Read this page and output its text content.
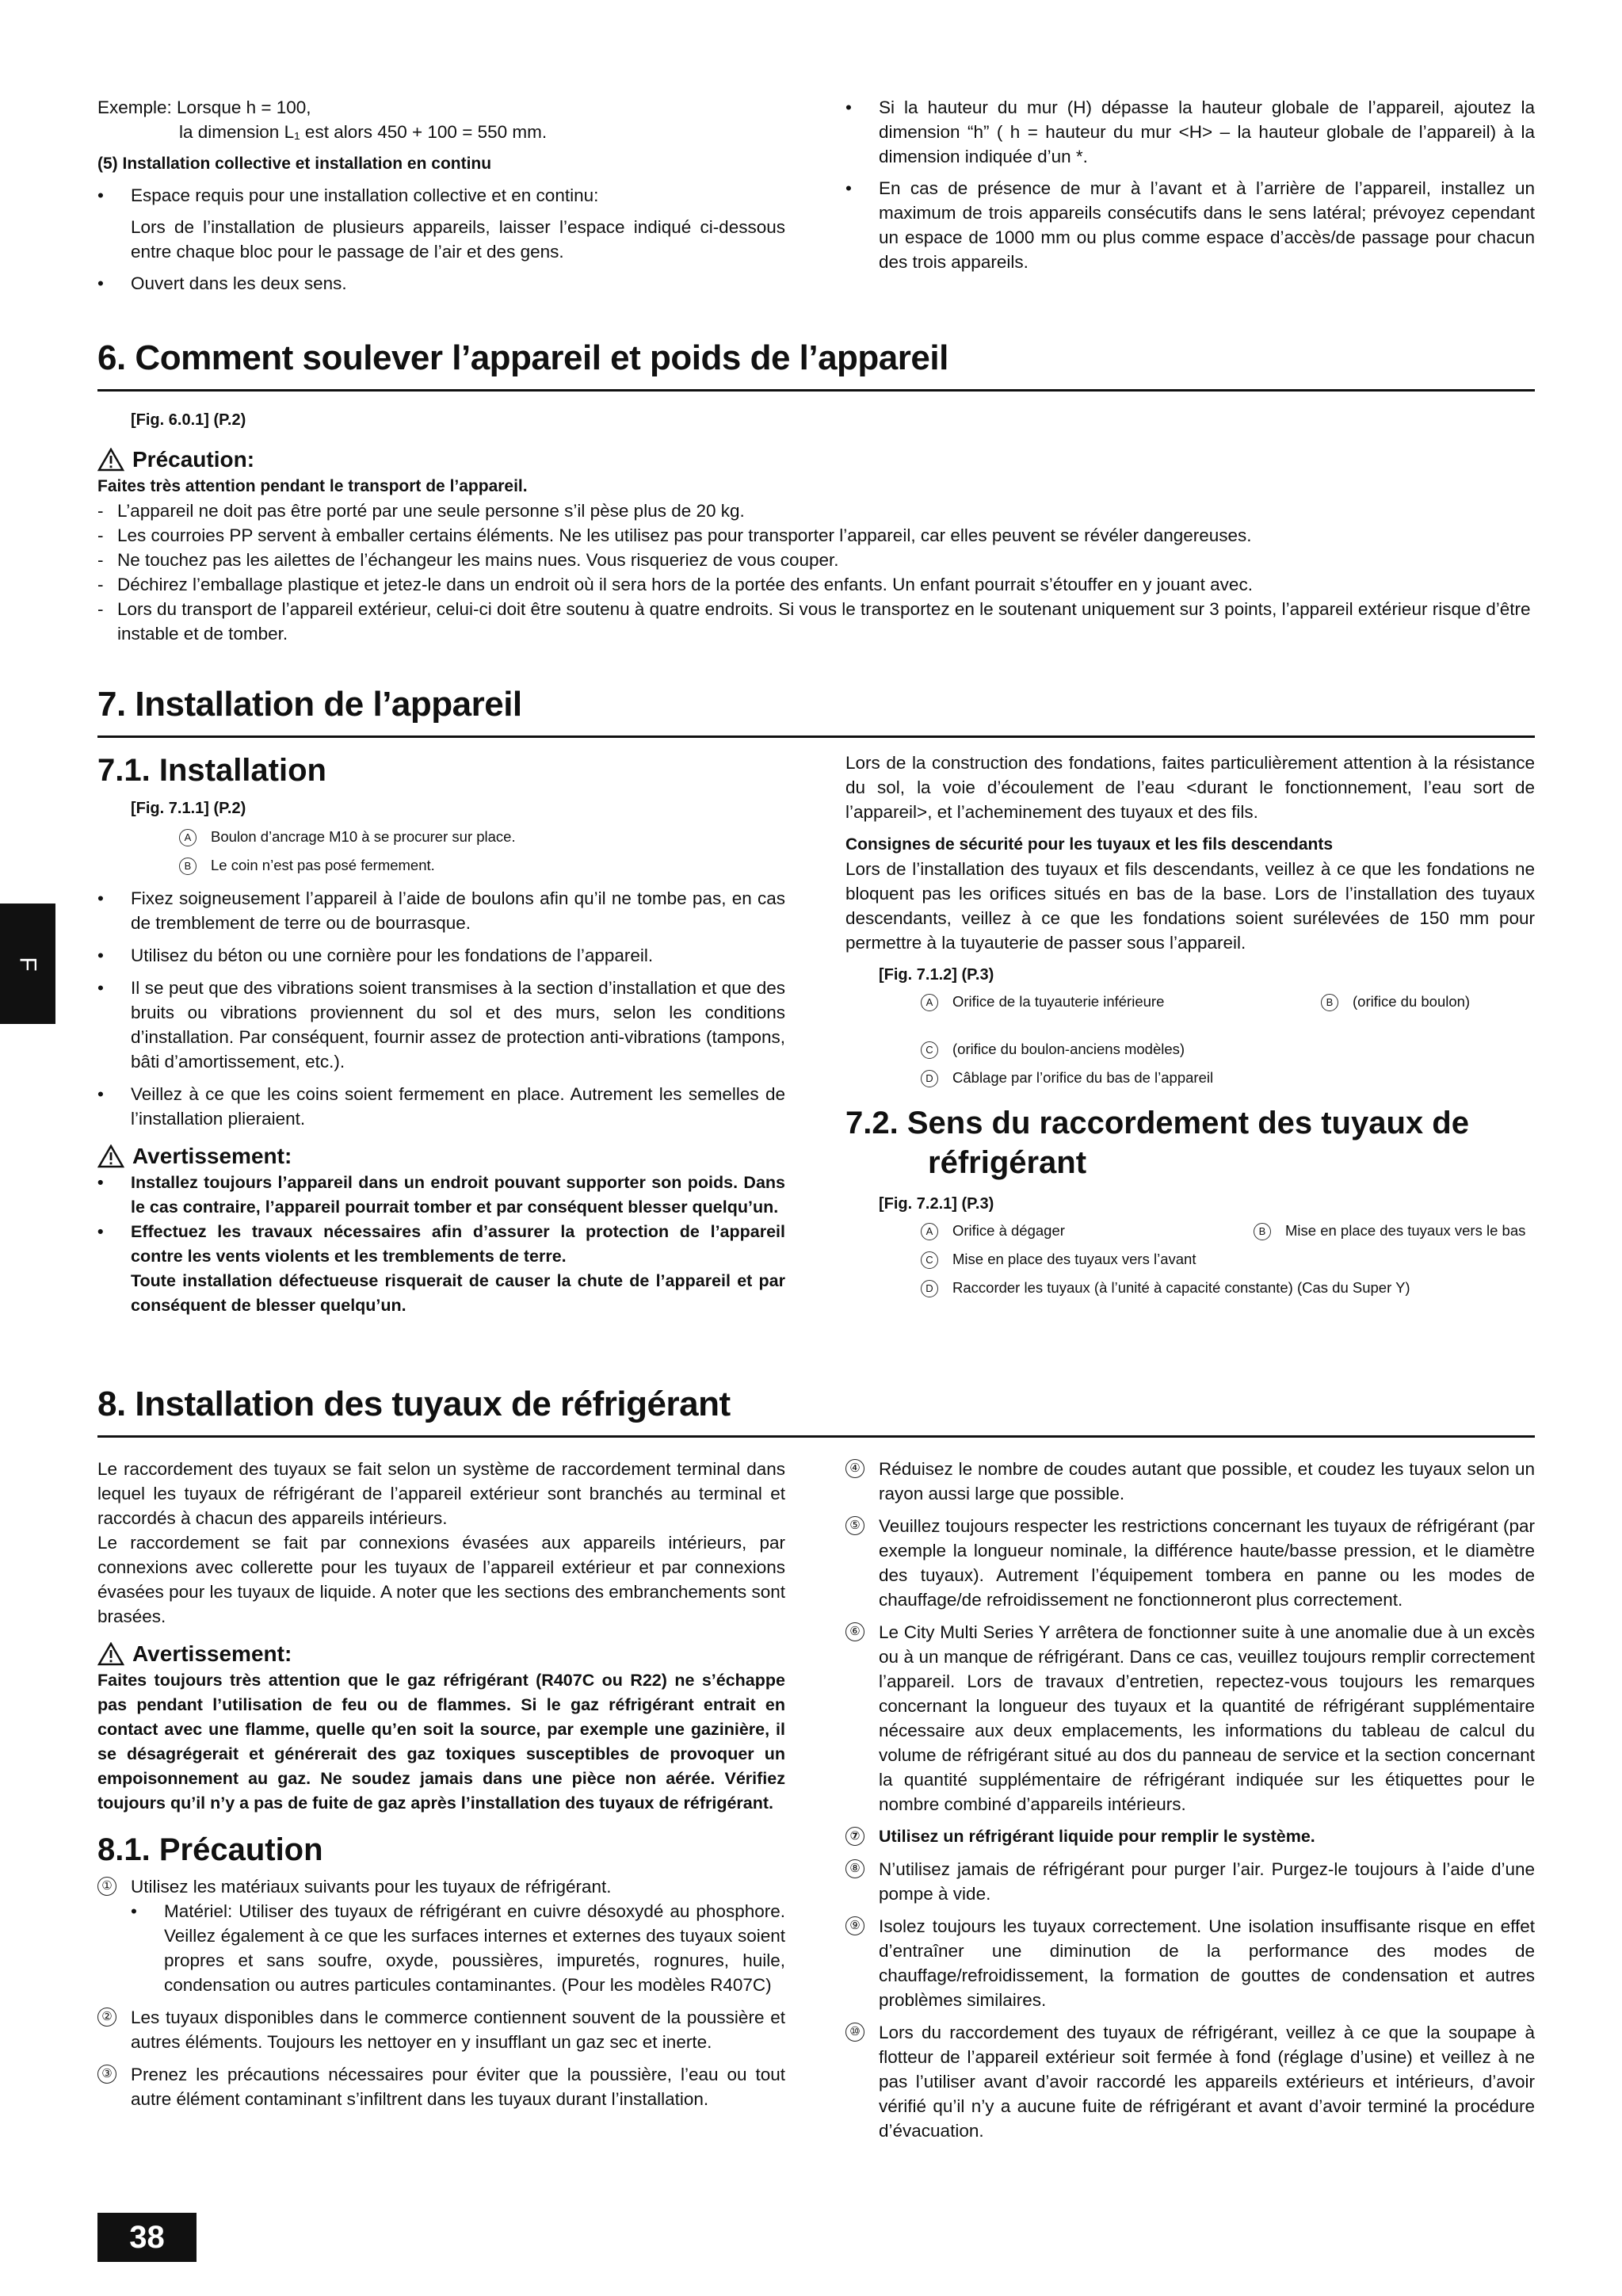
F
38

Exemple: Lorsque h = 100,

la dimension L₁ est alors 450 + 100 = 550 mm.

(5) Installation collective et installation en continu

• Espace requis pour une installation collective et en continu:

Lors de l’installation de plusieurs appareils, laisser l’espace indiqué ci-dessous entre chaque bloc pour le passage de l’air et des gens.

• Ouvert dans les deux sens.

• Si la hauteur du mur (H) dépasse la hauteur globale de l’appareil, ajoutez la dimension “h” ( h = hauteur du mur <H> – la hauteur globale de l’appareil) à la dimension indiquée d’un *.

• En cas de présence de mur à l’avant et à l’arrière de l’appareil, installez un maximum de trois appareils consécutifs dans le sens latéral; prévoyez cependant un espace de 1000 mm ou plus comme espace d’accès/de passage pour chacun des trois appareils.

6. Comment soulever l’appareil et poids de l’appareil

[Fig. 6.0.1] (P.2)

Précaution:

Faites très attention pendant le transport de l’appareil.

- L’appareil ne doit pas être porté par une seule personne s’il pèse plus de 20 kg.

- Les courroies PP servent à emballer certains éléments. Ne les utilisez pas pour transporter l’appareil, car elles peuvent se révéler dangereuses.

- Ne touchez pas les ailettes de l’échangeur les mains nues. Vous risqueriez de vous couper.

- Déchirez l’emballage plastique et jetez-le dans un endroit où il sera hors de la portée des enfants. Un enfant pourrait s’étouffer en y jouant avec.

- Lors du transport de l’appareil extérieur, celui-ci doit être soutenu à quatre endroits. Si vous le transportez en le soutenant uniquement sur 3 points, l’appareil extérieur risque d’être instable et de tomber.

7. Installation de l’appareil

7.1. Installation

[Fig. 7.1.1] (P.2)

A Boulon d’ancrage M10 à se procurer sur place.
B Le coin n’est pas posé fermement.

• Fixez soigneusement l’appareil à l’aide de boulons afin qu’il ne tombe pas, en cas de tremblement de terre ou de bourrasque.

• Utilisez du béton ou une cornière pour les fondations de l’appareil.

• Il se peut que des vibrations soient transmises à la section d’installation et que des bruits ou vibrations proviennent du sol et des murs, selon les conditions d’installation. Par conséquent, fournir assez de protection anti-vibrations (tampons, bâti d’amortissement, etc.).

• Veillez à ce que les coins soient fermement en place. Autrement les semelles de l’installation plieraient.

Avertissement:

• Installez toujours l’appareil dans un endroit pouvant supporter son poids. Dans le cas contraire, l’appareil pourrait tomber et par conséquent blesser quelqu’un.

• Effectuez les travaux nécessaires afin d’assurer la protection de l’appareil contre les vents violents et les tremblements de terre.

Toute installation défectueuse risquerait de causer la chute de l’appareil et par conséquent de blesser quelqu’un.

Lors de la construction des fondations, faites particulièrement attention à la résistance du sol, la voie d’écoulement de l’eau <durant le fonctionnement, l’eau sort de l’appareil>, et l’acheminement des tuyaux et des fils.

Consignes de sécurité pour les tuyaux et les fils descendants

Lors de l’installation des tuyaux et fils descendants, veillez à ce que les fondations ne bloquent pas les orifices situés en bas de la base. Lors de l’installation des tuyaux descendants, veillez à ce que les fondations soient surélevées de 150 mm pour permettre à la tuyauterie de passer sous l’appareil.

[Fig. 7.1.2] (P.3)

A Orifice de la tuyauterie inférieure	B (orifice du boulon)
C (orifice du boulon-anciens modèles)
D Câblage par l’orifice du bas de l’appareil

7.2. Sens du raccordement des tuyaux de

réfrigérant

[Fig. 7.2.1] (P.3)

A Orifice à dégager	B Mise en place des tuyaux vers le bas
C Mise en place des tuyaux vers l’avant
D Raccorder les tuyaux (à l’unité à capacité constante) (Cas du Super Y)
8. Installation des tuyaux de réfrigérant

Le raccordement des tuyaux se fait selon un système de raccordement terminal dans lequel les tuyaux de réfrigérant de l’appareil extérieur sont branchés au terminal et raccordés à chacun des appareils intérieurs.

Le raccordement se fait par connexions évasées aux appareils intérieurs, par connexions avec collerette pour les tuyaux de l’appareil extérieur et par connexions évasées pour les tuyaux de liquide. A noter que les sections des embranchements sont brasées.

Avertissement:

Faites toujours très attention que le gaz réfrigérant (R407C ou R22) ne s’échappe pas pendant l’utilisation de feu ou de flammes. Si le gaz réfrigérant entrait en contact avec une flamme, quelle qu’en soit la source, par exemple une gazinière, il se désagrégerait et générerait des gaz toxiques susceptibles de provoquer un empoisonnement au gaz. Ne soudez jamais dans une pièce non aérée. Vérifiez toujours qu’il n’y a pas de fuite de gaz après l’installation des tuyaux de réfrigérant.

8.1. Précaution

① Utilisez les matériaux suivants pour les tuyaux de réfrigérant.

• Matériel: Utiliser des tuyaux de réfrigérant en cuivre désoxydé au phosphore. Veillez également à ce que les surfaces internes et externes des tuyaux soient propres et sans soufre, oxyde, poussières, impuretés, rognures, huile, condensation ou autres particules contaminantes. (Pour les modèles R407C)

② Les tuyaux disponibles dans le commerce contiennent souvent de la poussière et autres éléments. Toujours les nettoyer en y insufflant un gaz sec et inerte.
③ Prenez les précautions nécessaires pour éviter que la poussière, l’eau ou tout autre élément contaminant s’infiltrent dans les tuyaux durant l’installation.
④ Réduisez le nombre de coudes autant que possible, et coudez les tuyaux selon un rayon aussi large que possible.
⑤ Veuillez toujours respecter les restrictions concernant les tuyaux de réfrigérant (par exemple la longueur nominale, la différence haute/basse pression, et le diamètre des tuyaux). Autrement l’équipement tombera en panne ou les modes de chauffage/de refroidissement ne fonctionneront plus correctement.
⑥ Le City Multi Series Y arrêtera de fonctionner suite à une anomalie due à un excès ou à un manque de réfrigérant. Dans ce cas, veuillez toujours remplir correctement l’appareil. Lors de travaux d’entretien, repectez-vous toujours les remarques concernant la longueur des tuyaux et la quantité de réfrigérant supplémentaire nécessaire aux deux emplacements, les informations du tableau de calcul du volume de réfrigérant situé au dos du panneau de service et la section concernant la quantité supplémentaire de réfrigérant indiquée sur les étiquettes pour le nombre combiné d’appareils intérieurs.
⑦ Utilisez un réfrigérant liquide pour remplir le système.
⑧ N’utilisez jamais de réfrigérant pour purger l’air. Purgez-le toujours à l’aide d’une pompe à vide.
⑨ Isolez toujours les tuyaux correctement. Une isolation insuffisante risque en effet d’entraîner une diminution de la performance des modes de chauffage/refroidissement, la formation de gouttes de condensation et autres problèmes similaires.
⑩ Lors du raccordement des tuyaux de réfrigérant, veillez à ce que la soupape à flotteur de l’appareil extérieur soit fermée à fond (réglage d’usine) et veillez à ne pas l’utiliser avant d’avoir raccordé les appareils extérieurs et intérieurs, d’avoir vérifié qu’il n’y a aucune fuite de réfrigérant et avant d’avoir terminé la procédure d’évacuation.
